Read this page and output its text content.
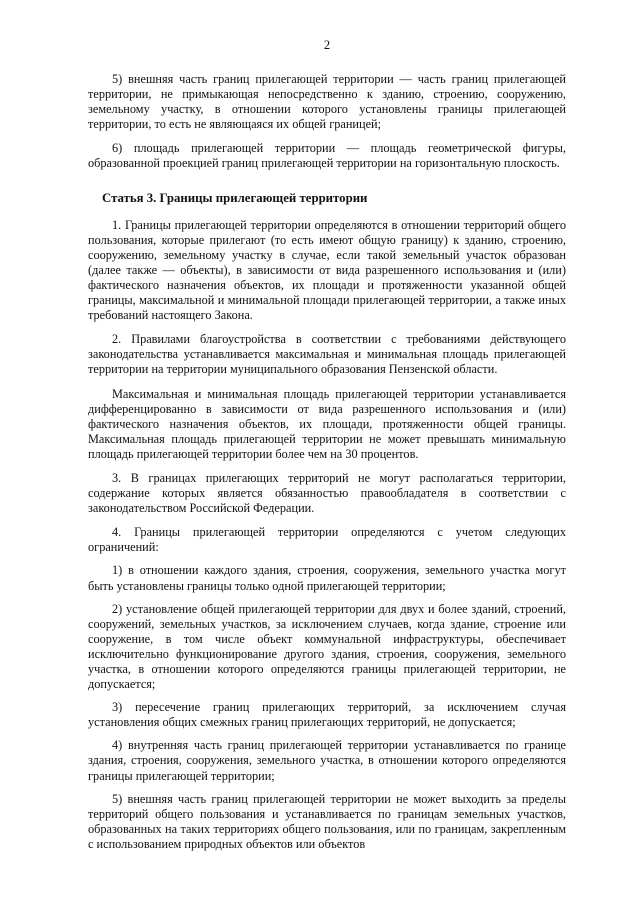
2

5) внешняя часть границ прилегающей территории — часть границ прилегающей территории, не примыкающая непосредственно к зданию, строению, сооружению, земельному участку, в отношении которого установлены границы прилегающей территории, то есть не являющаяся их общей границей;

6) площадь прилегающей территории — площадь геометрической фигуры, образованной проекцией границ прилегающей территории на горизонтальную плоскость.

Статья 3. Границы прилегающей территории

1. Границы прилегающей территории определяются в отношении территорий общего пользования, которые прилегают (то есть имеют общую границу) к зданию, строению, сооружению, земельному участку в случае, если такой земельный участок образован (далее также — объекты), в зависимости от вида разрешенного использования и (или) фактического назначения объектов, их площади и протяженности указанной общей границы, максимальной и минимальной площади прилегающей территории, а также иных требований настоящего Закона.

2. Правилами благоустройства в соответствии с требованиями действующего законодательства устанавливается максимальная и минимальная площадь прилегающей территории на территории муниципального образования Пензенской области.

Максимальная и минимальная площадь прилегающей территории устанавливается дифференцированно в зависимости от вида разрешенного использования и (или) фактического назначения объектов, их площади, протяженности общей границы. Максимальная площадь прилегающей территории не может превышать минимальную площадь прилегающей территории более чем на 30 процентов.

3. В границах прилегающих территорий не могут располагаться территории, содержание которых является обязанностью правообладателя в соответствии с законодательством Российской Федерации.

4. Границы прилегающей территории определяются с учетом следующих ограничений:

1) в отношении каждого здания, строения, сооружения, земельного участка могут быть установлены границы только одной прилегающей территории;

2) установление общей прилегающей территории для двух и более зданий, строений, сооружений, земельных участков, за исключением случаев, когда здание, строение или сооружение, в том числе объект коммунальной инфраструктуры, обеспечивает исключительно функционирование другого здания, строения, сооружения, земельного участка, в отношении которого определяются границы прилегающей территории, не допускается;

3) пересечение границ прилегающих территорий, за исключением случая установления общих смежных границ прилегающих территорий, не допускается;

4) внутренняя часть границ прилегающей территории устанавливается по границе здания, строения, сооружения, земельного участка, в отношении которого определяются границы прилегающей территории;

5) внешняя часть границ прилегающей территории не может выходить за пределы территорий общего пользования и устанавливается по границам земельных участков, образованных на таких территориях общего пользования, или по границам, закрепленным с использованием природных объектов или объектов
